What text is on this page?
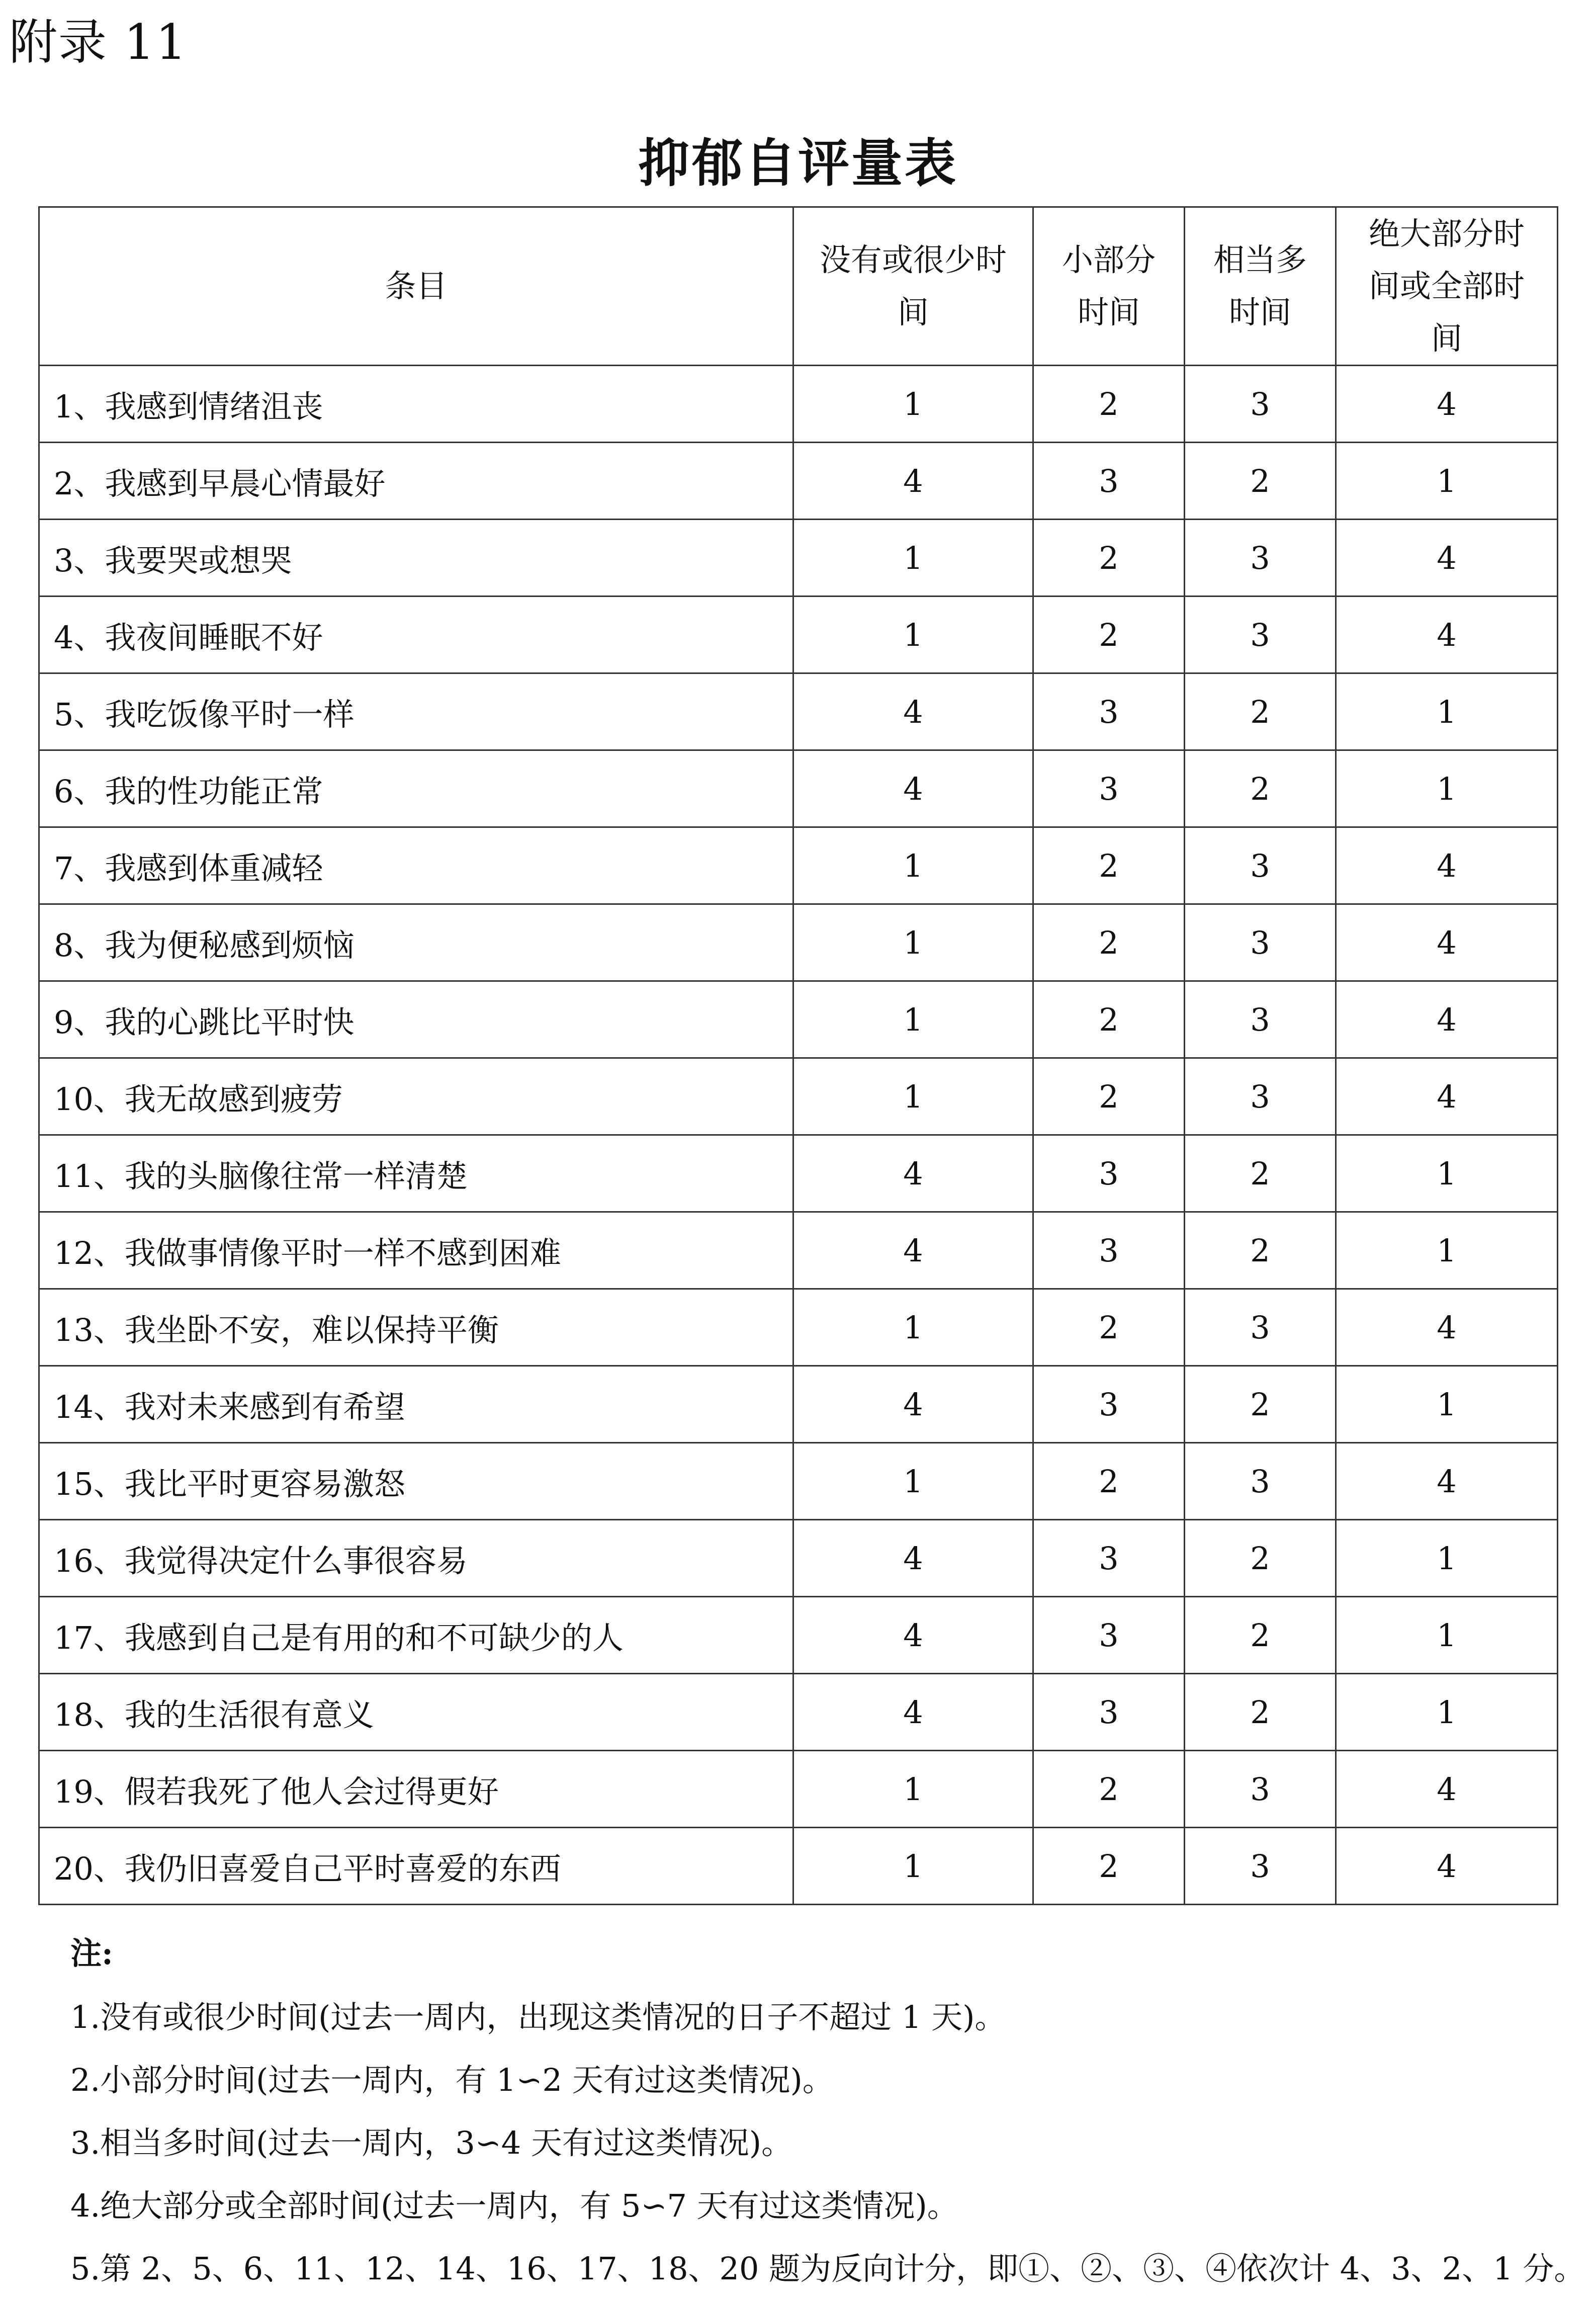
附录 11
抑郁自评量表
条目	没有或很少时间	小部分时间	相当多时间	绝大部分时间或全部时间
1、我感到情绪沮丧	1	2	3	4
2、我感到早晨心情最好	4	3	2	1
3、我要哭或想哭	1	2	3	4
4、我夜间睡眠不好	1	2	3	4
5、我吃饭像平时一样	4	3	2	1
6、我的性功能正常	4	3	2	1
7、我感到体重减轻	1	2	3	4
8、我为便秘感到烦恼	1	2	3	4
9、我的心跳比平时快	1	2	3	4
10、我无故感到疲劳	1	2	3	4
11、我的头脑像往常一样清楚	4	3	2	1
12、我做事情像平时一样不感到困难	4	3	2	1
13、我坐卧不安，难以保持平衡	1	2	3	4
14、我对未来感到有希望	4	3	2	1
15、我比平时更容易激怒	1	2	3	4
16、我觉得决定什么事很容易	4	3	2	1
17、我感到自己是有用的和不可缺少的人	4	3	2	1
18、我的生活很有意义	4	3	2	1
19、假若我死了他人会过得更好	1	2	3	4
20、我仍旧喜爱自己平时喜爱的东西	1	2	3	4
注:
1.没有或很少时间(过去一周内，出现这类情况的日子不超过 1 天)。
2.小部分时间(过去一周内，有 1∽2 天有过这类情况)。
3.相当多时间(过去一周内，3∽4 天有过这类情况)。
4.绝大部分或全部时间(过去一周内，有 5∽7 天有过这类情况)。
5.第 2、5、6、11、12、14、16、17、18、20 题为反向计分，即①、②、③、④依次计 4、3、2、1 分。
